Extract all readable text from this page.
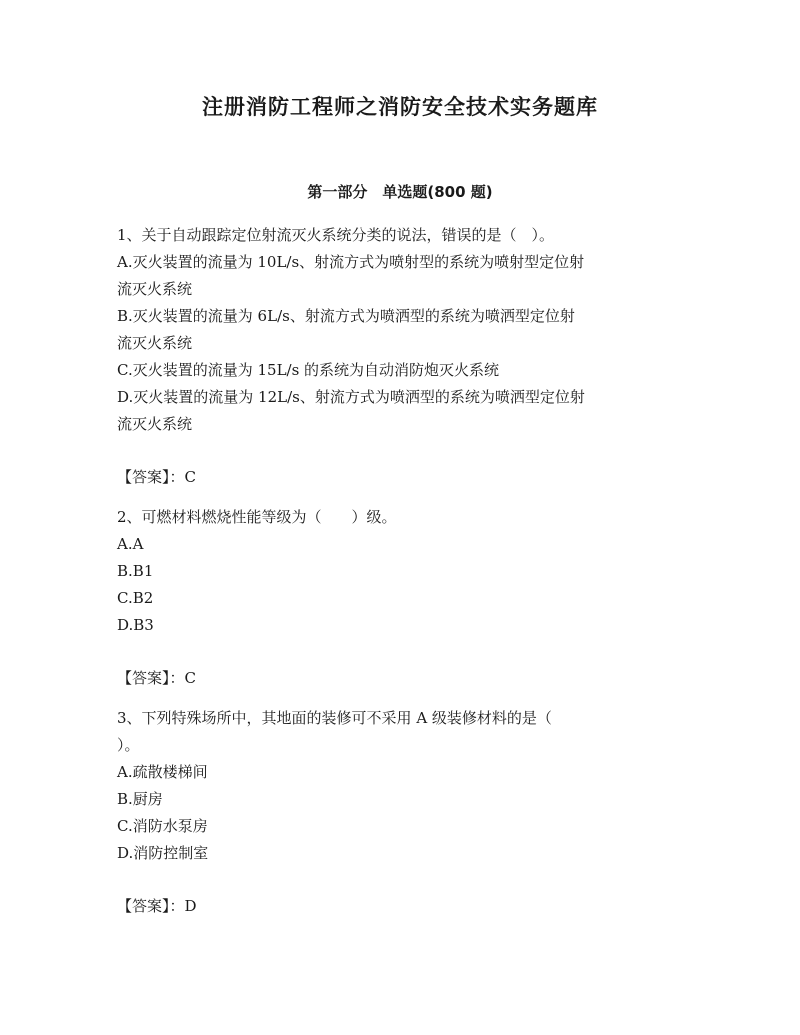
注册消防工程师之消防安全技术实务题库
第一部分　单选题(800 题)

1、关于自动跟踪定位射流灭火系统分类的说法，错误的是（　）。

A.灭火装置的流量为 10L/s、射流方式为喷射型的系统为喷射型定位射

流灭火系统

B.灭火装置的流量为 6L/s、射流方式为喷洒型的系统为喷洒型定位射

流灭火系统

C.灭火装置的流量为 15L/s 的系统为自动消防炮灭火系统

D.灭火装置的流量为 12L/s、射流方式为喷洒型的系统为喷洒型定位射

流灭火系统

【答案】：C

2、可燃材料燃烧性能等级为（　　）级。

A.A

B.B1

C.B2

D.B3

【答案】：C

3、下列特殊场所中，其地面的装修可不采用 A 级装修材料的是（

）。

A.疏散楼梯间

B.厨房

C.消防水泵房

D.消防控制室

【答案】：D
